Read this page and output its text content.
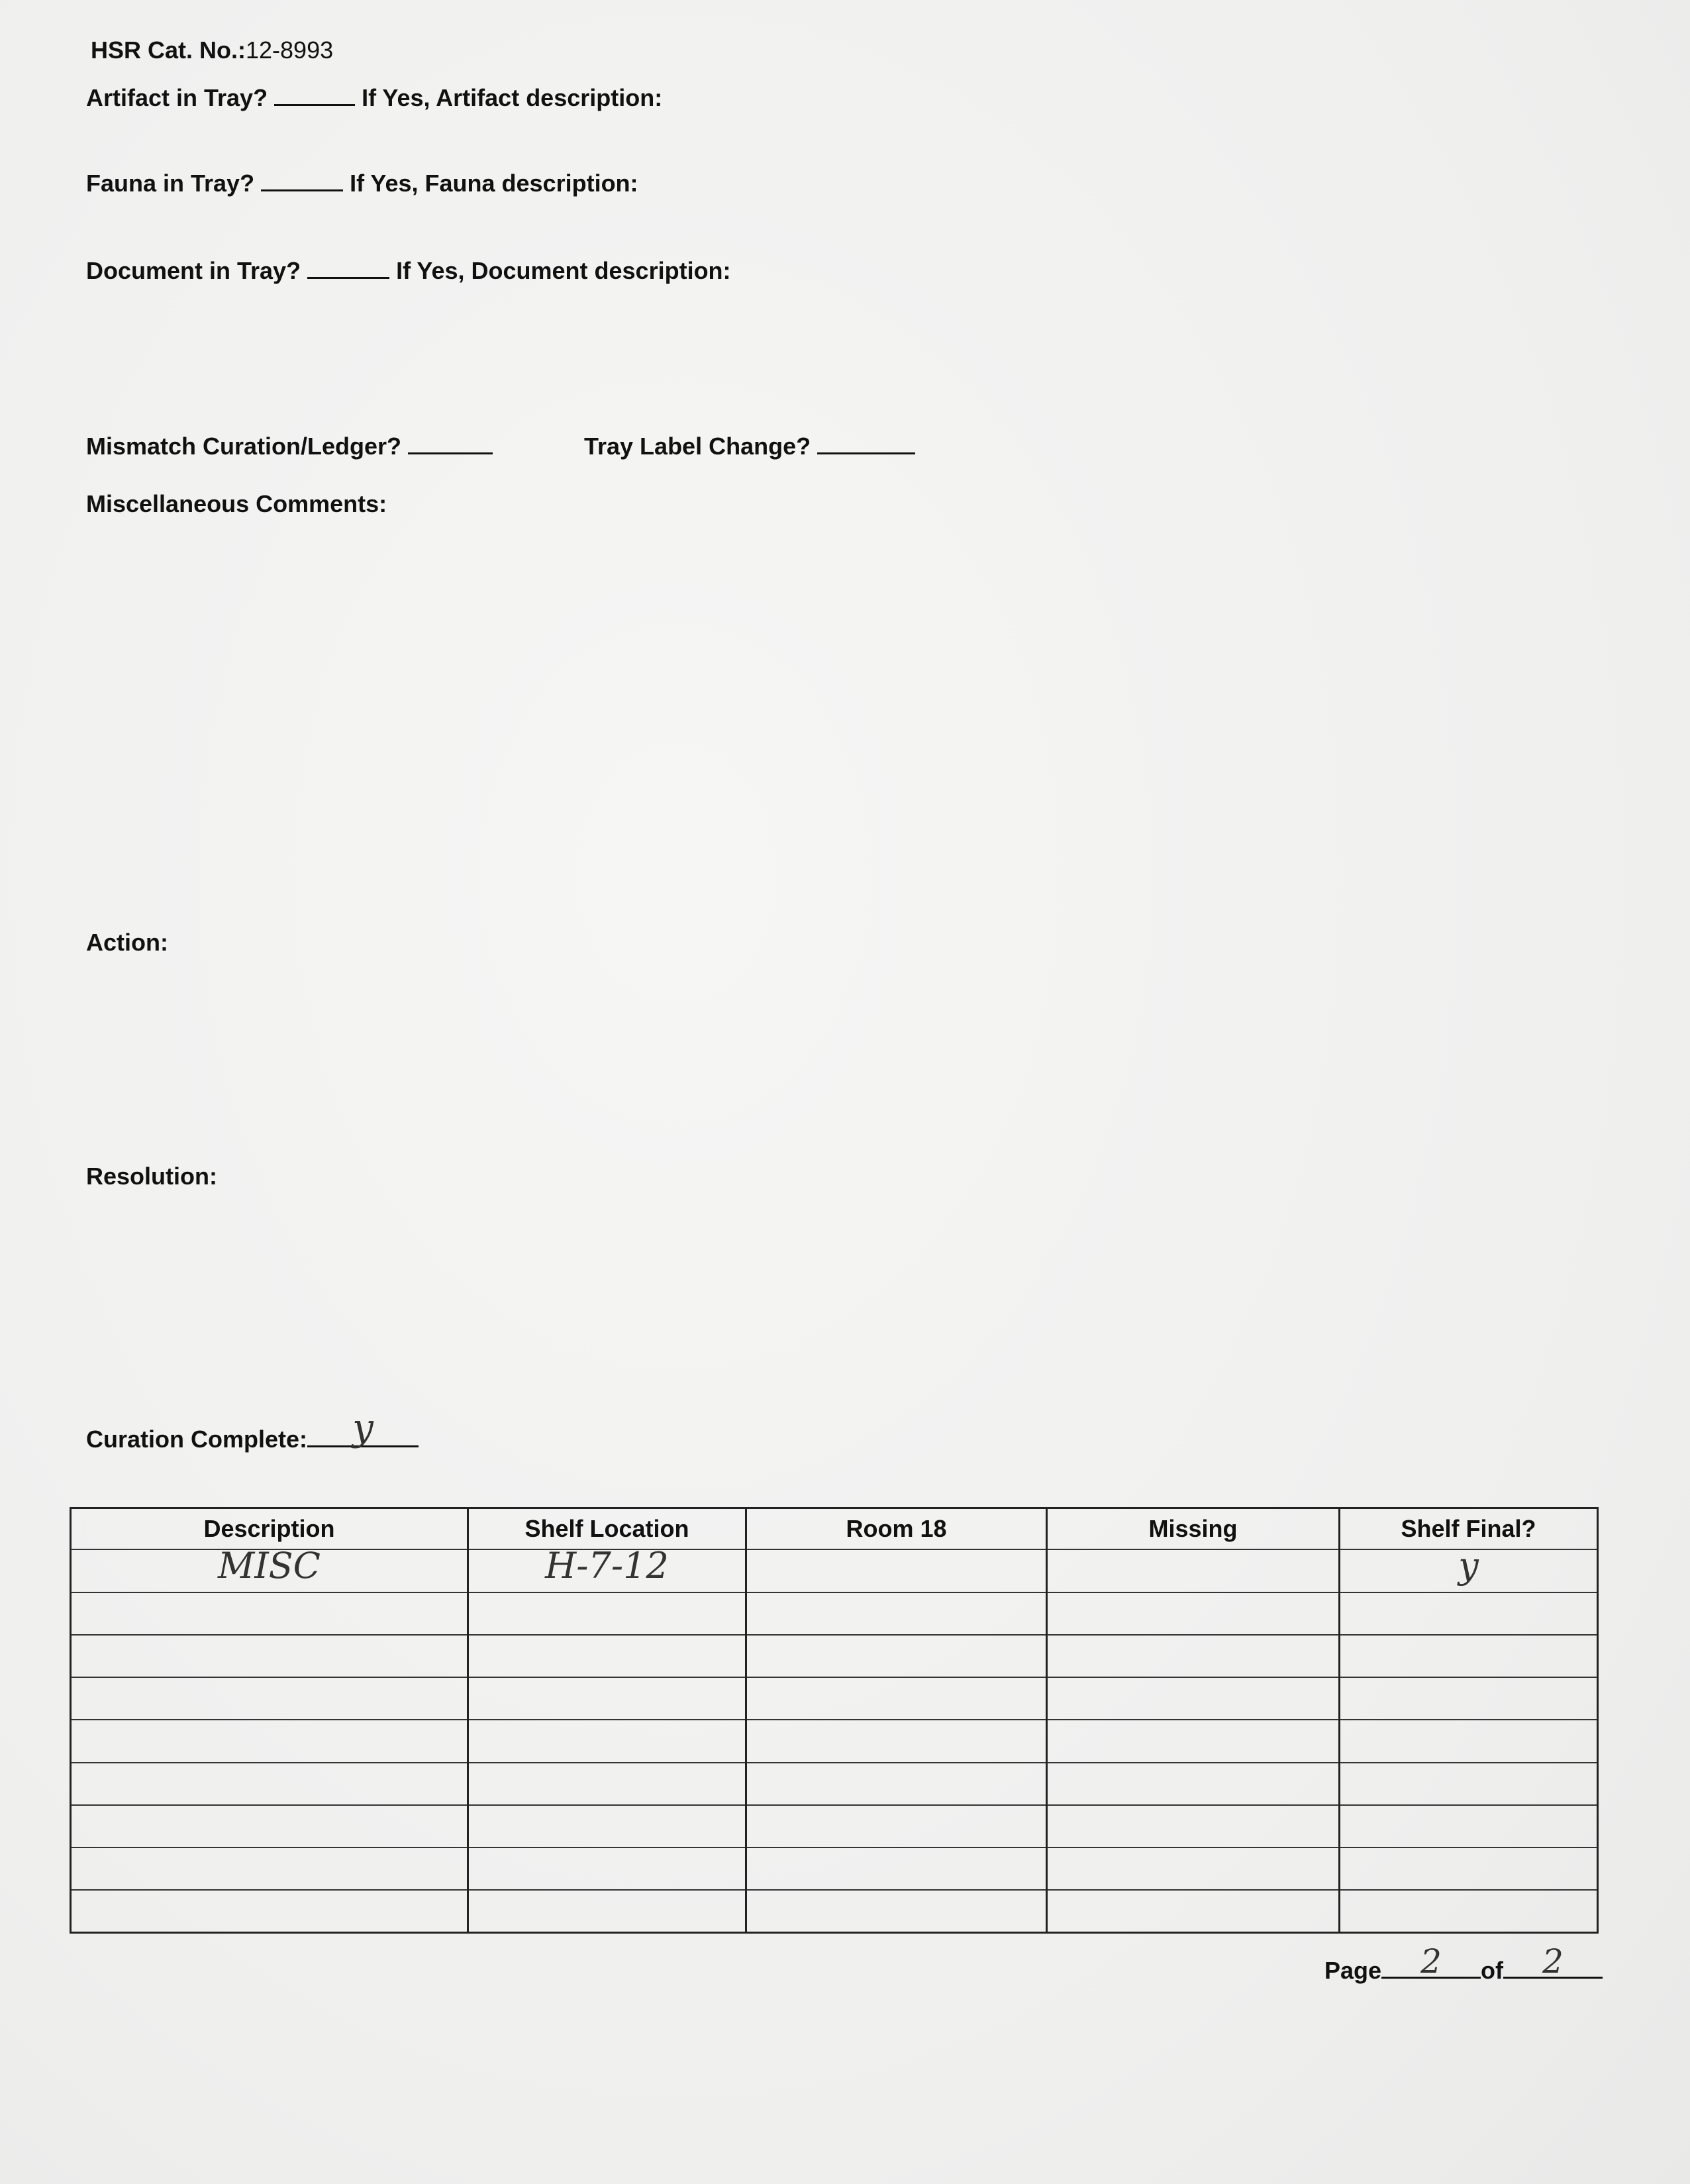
HSR Cat. No.:12-8993
Artifact in Tray?	If Yes, Artifact description:
Fauna in Tray?	If Yes, Fauna description:
Document in Tray?	If Yes, Document description:
Mismatch Curation/Ledger?	Tray Label Change?
Miscellaneous Comments:
Action:
Resolution:
Curation Complete: y
Description	Shelf Location	Room 18	Missing	Shelf Final?
MISC	H-7-12			y

Page 2 of 2
